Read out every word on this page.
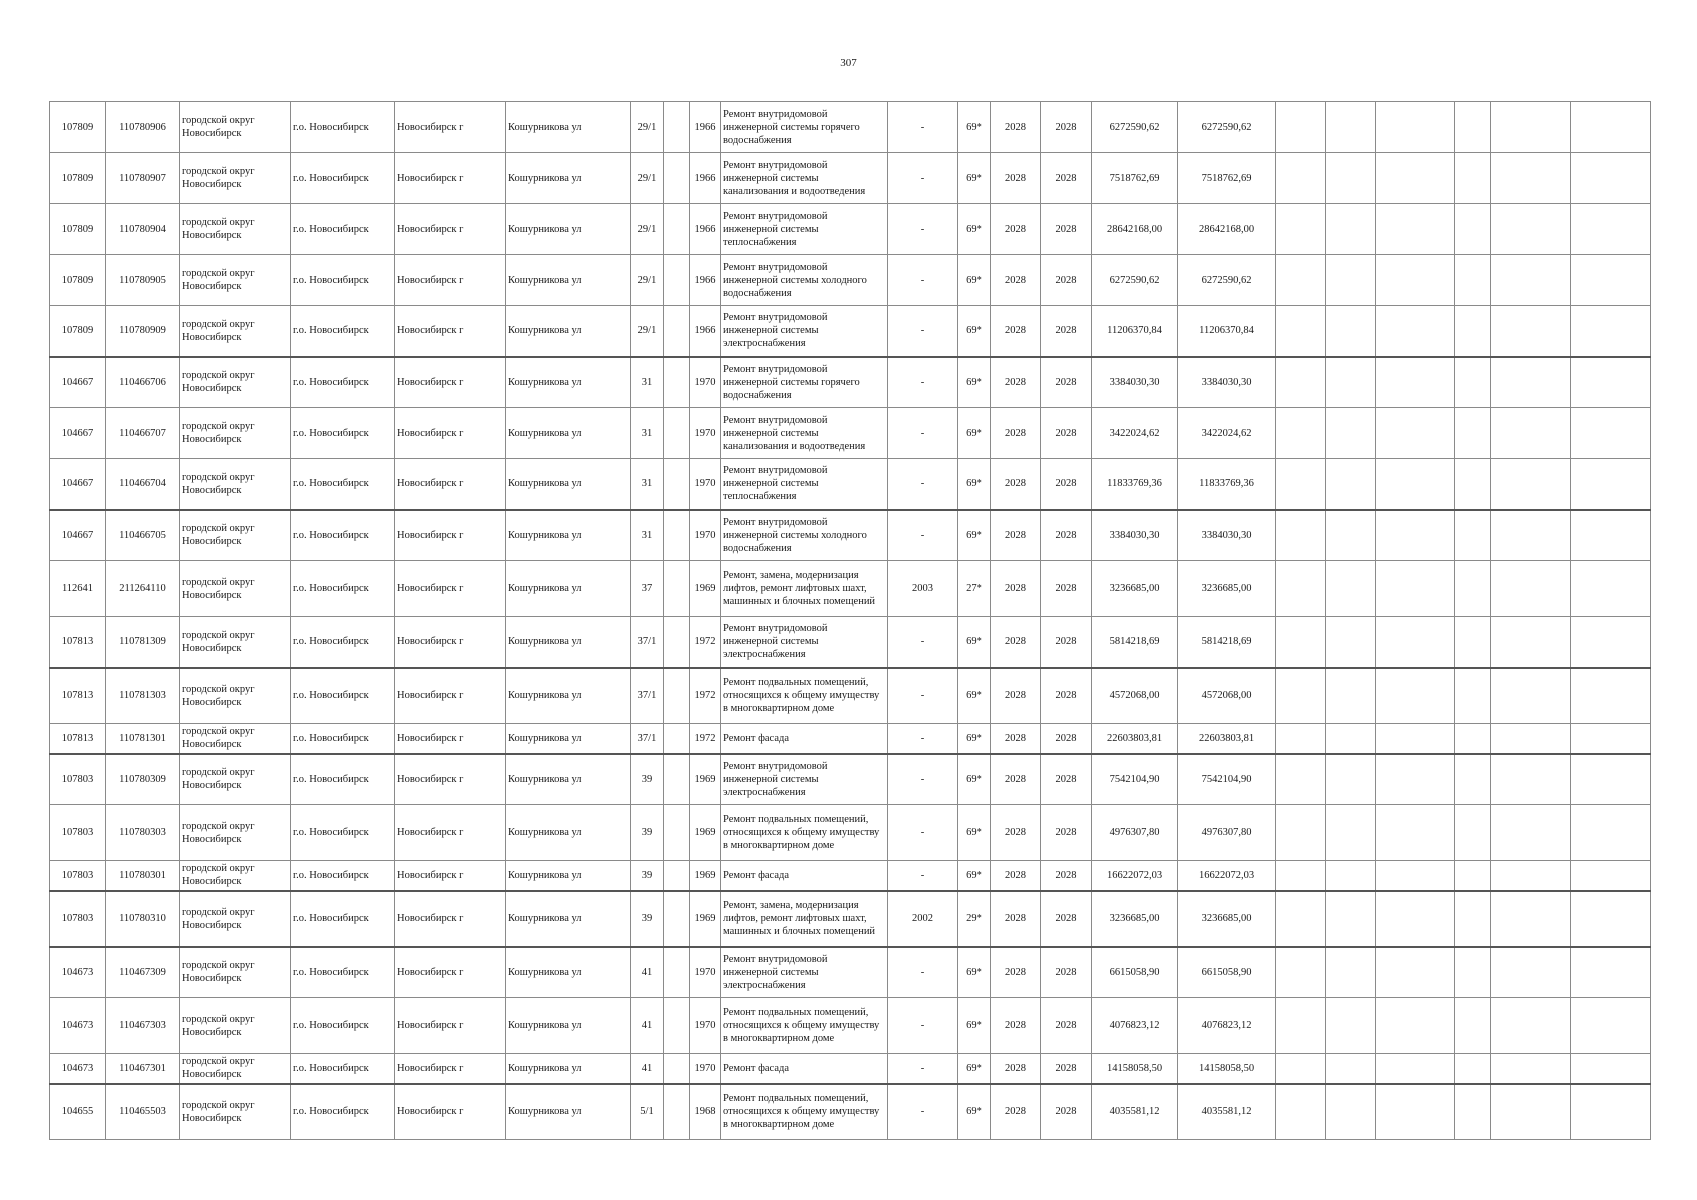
307
107809	110780906	городской округ Новосибирск	г.о. Новосибирск	Новосибирск г	Кошурникова ул	29/1		1966	Ремонт внутридомовой инженерной системы горячего водоснабжения	-	69*	2028	2028	6272590,62	6272590,62						
107809	110780907	городской округ Новосибирск	г.о. Новосибирск	Новосибирск г	Кошурникова ул	29/1		1966	Ремонт внутридомовой инженерной системы канализования и водоотведения	-	69*	2028	2028	7518762,69	7518762,69						
107809	110780904	городской округ Новосибирск	г.о. Новосибирск	Новосибирск г	Кошурникова ул	29/1		1966	Ремонт внутридомовой инженерной системы теплоснабжения	-	69*	2028	2028	28642168,00	28642168,00						
107809	110780905	городской округ Новосибирск	г.о. Новосибирск	Новосибирск г	Кошурникова ул	29/1		1966	Ремонт внутридомовой инженерной системы холодного водоснабжения	-	69*	2028	2028	6272590,62	6272590,62						
107809	110780909	городской округ Новосибирск	г.о. Новосибирск	Новосибирск г	Кошурникова ул	29/1		1966	Ремонт внутридомовой инженерной системы электроснабжения	-	69*	2028	2028	11206370,84	11206370,84						
104667	110466706	городской округ Новосибирск	г.о. Новосибирск	Новосибирск г	Кошурникова ул	31		1970	Ремонт внутридомовой инженерной системы горячего водоснабжения	-	69*	2028	2028	3384030,30	3384030,30						
104667	110466707	городской округ Новосибирск	г.о. Новосибирск	Новосибирск г	Кошурникова ул	31		1970	Ремонт внутридомовой инженерной системы канализования и водоотведения	-	69*	2028	2028	3422024,62	3422024,62						
104667	110466704	городской округ Новосибирск	г.о. Новосибирск	Новосибирск г	Кошурникова ул	31		1970	Ремонт внутридомовой инженерной системы теплоснабжения	-	69*	2028	2028	11833769,36	11833769,36						
104667	110466705	городской округ Новосибирск	г.о. Новосибирск	Новосибирск г	Кошурникова ул	31		1970	Ремонт внутридомовой инженерной системы холодного водоснабжения	-	69*	2028	2028	3384030,30	3384030,30						
112641	211264110	городской округ Новосибирск	г.о. Новосибирск	Новосибирск г	Кошурникова ул	37		1969	Ремонт, замена, модернизация лифтов, ремонт лифтовых шахт, машинных и блочных помещений	2003	27*	2028	2028	3236685,00	3236685,00						
107813	110781309	городской округ Новосибирск	г.о. Новосибирск	Новосибирск г	Кошурникова ул	37/1		1972	Ремонт внутридомовой инженерной системы электроснабжения	-	69*	2028	2028	5814218,69	5814218,69						
107813	110781303	городской округ Новосибирск	г.о. Новосибирск	Новосибирск г	Кошурникова ул	37/1		1972	Ремонт подвальных помещений, относящихся к общему имуществу в многоквартирном доме	-	69*	2028	2028	4572068,00	4572068,00						
107813	110781301	городской округ Новосибирск	г.о. Новосибирск	Новосибирск г	Кошурникова ул	37/1		1972	Ремонт фасада	-	69*	2028	2028	22603803,81	22603803,81						
107803	110780309	городской округ Новосибирск	г.о. Новосибирск	Новосибирск г	Кошурникова ул	39		1969	Ремонт внутридомовой инженерной системы электроснабжения	-	69*	2028	2028	7542104,90	7542104,90						
107803	110780303	городской округ Новосибирск	г.о. Новосибирск	Новосибирск г	Кошурникова ул	39		1969	Ремонт подвальных помещений, относящихся к общему имуществу в многоквартирном доме	-	69*	2028	2028	4976307,80	4976307,80						
107803	110780301	городской округ Новосибирск	г.о. Новосибирск	Новосибирск г	Кошурникова ул	39		1969	Ремонт фасада	-	69*	2028	2028	16622072,03	16622072,03						
107803	110780310	городской округ Новосибирск	г.о. Новосибирск	Новосибирск г	Кошурникова ул	39		1969	Ремонт, замена, модернизация лифтов, ремонт лифтовых шахт, машинных и блочных помещений	2002	29*	2028	2028	3236685,00	3236685,00						
104673	110467309	городской округ Новосибирск	г.о. Новосибирск	Новосибирск г	Кошурникова ул	41		1970	Ремонт внутридомовой инженерной системы электроснабжения	-	69*	2028	2028	6615058,90	6615058,90						
104673	110467303	городской округ Новосибирск	г.о. Новосибирск	Новосибирск г	Кошурникова ул	41		1970	Ремонт подвальных помещений, относящихся к общему имуществу в многоквартирном доме	-	69*	2028	2028	4076823,12	4076823,12						
104673	110467301	городской округ Новосибирск	г.о. Новосибирск	Новосибирск г	Кошурникова ул	41		1970	Ремонт фасада	-	69*	2028	2028	14158058,50	14158058,50						
104655	110465503	городской округ Новосибирск	г.о. Новосибирск	Новосибирск г	Кошурникова ул	5/1		1968	Ремонт подвальных помещений, относящихся к общему имуществу в многоквартирном доме	-	69*	2028	2028	4035581,12	4035581,12						
